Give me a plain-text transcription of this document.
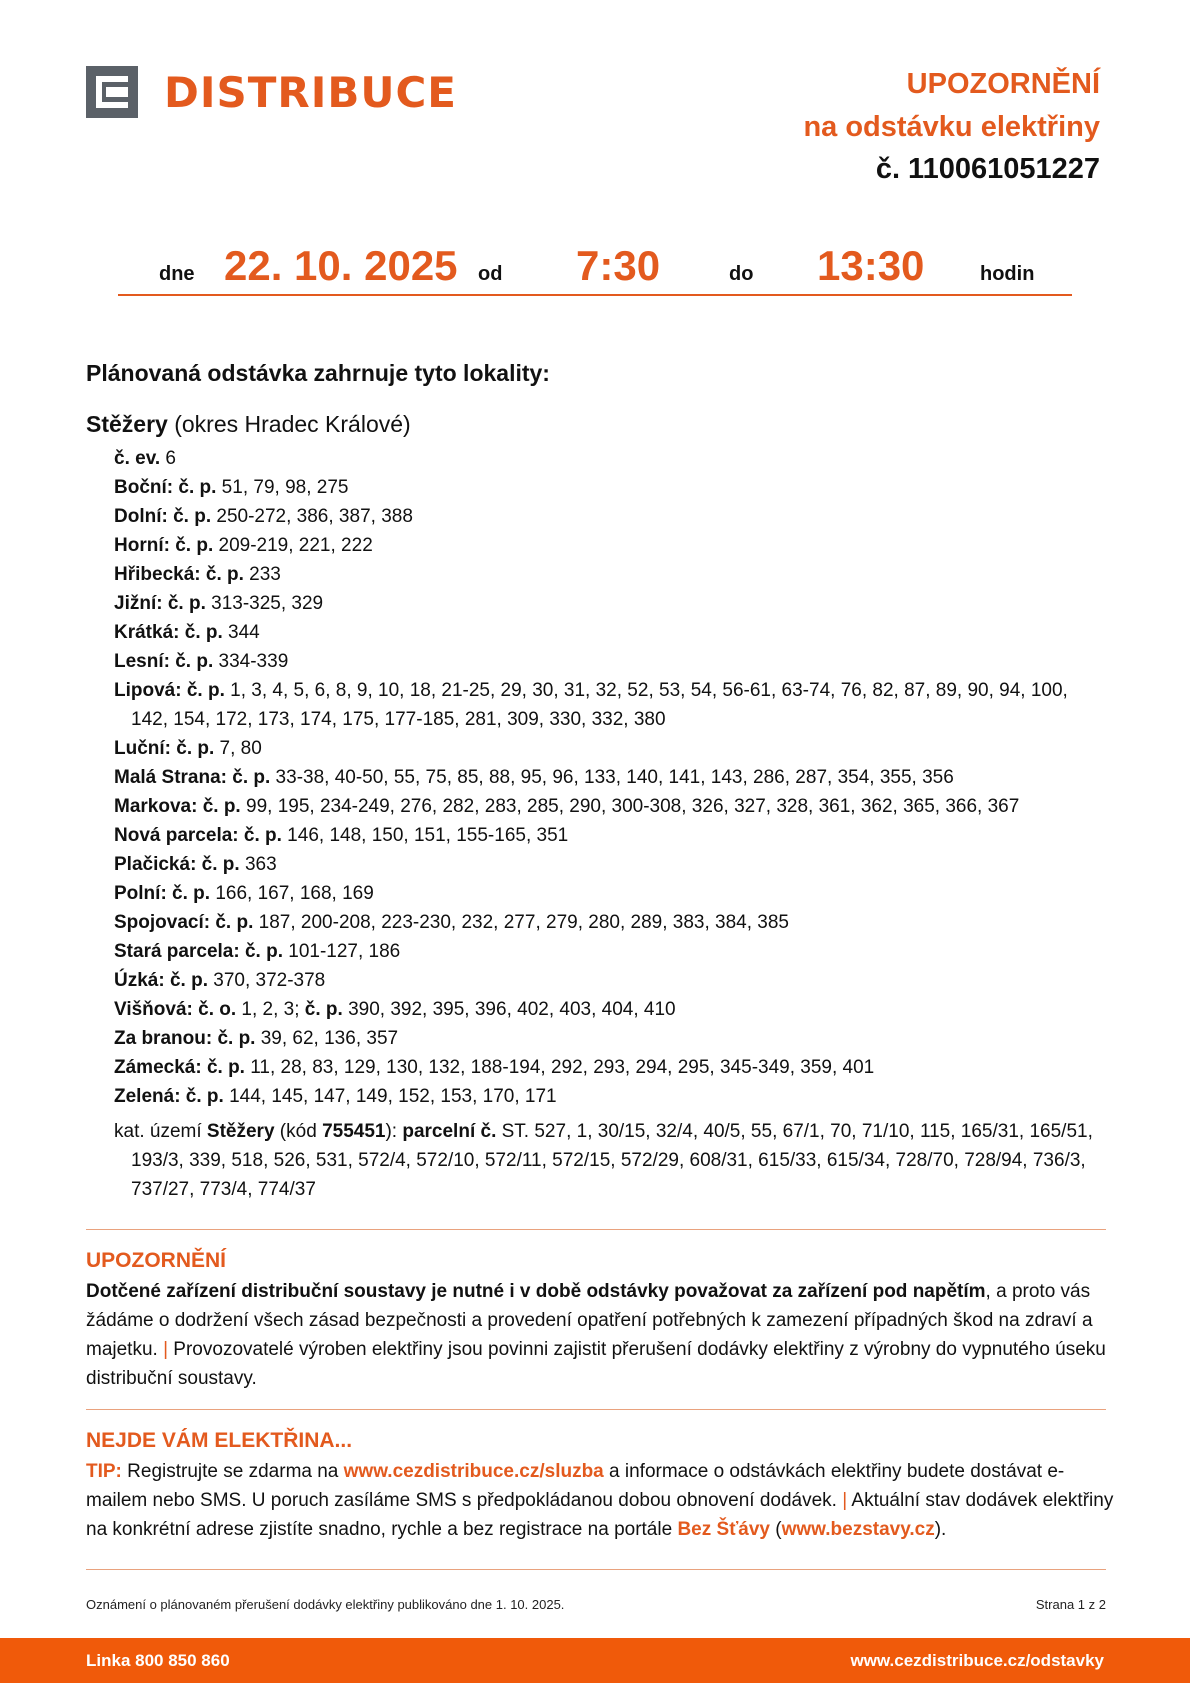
DISTRIBUCE	UPOZORNĚNÍ
na odstávku elektřiny
č. 110061051227
dne 22. 10. 2025 od 7:30	do 13:30	hodin
Plánovaná odstávka zahrnuje tyto lokality:
Stěžery (okres Hradec Králové)
č. ev. 6
Boční: č. p. 51, 79, 98, 275
Dolní: č. p. 250-272, 386, 387, 388
Horní: č. p. 209-219, 221, 222
Hřibecká: č. p. 233
Jižní: č. p. 313-325, 329
Krátká: č. p. 344
Lesní: č. p. 334-339
Lipová: č. p. 1, 3, 4, 5, 6, 8, 9, 10, 18, 21-25, 29, 30, 31, 32, 52, 53, 54, 56-61, 63-74, 76, 82, 87, 89, 90, 94, 100, 142, 154, 172, 173, 174, 175, 177-185, 281, 309, 330, 332, 380
Luční: č. p. 7, 80
Malá Strana: č. p. 33-38, 40-50, 55, 75, 85, 88, 95, 96, 133, 140, 141, 143, 286, 287, 354, 355, 356
Markova: č. p. 99, 195, 234-249, 276, 282, 283, 285, 290, 300-308, 326, 327, 328, 361, 362, 365, 366, 367
Nová parcela: č. p. 146, 148, 150, 151, 155-165, 351
Plačická: č. p. 363
Polní: č. p. 166, 167, 168, 169
Spojovací: č. p. 187, 200-208, 223-230, 232, 277, 279, 280, 289, 383, 384, 385
Stará parcela: č. p. 101-127, 186
Úzká: č. p. 370, 372-378
Višňová: č. o. 1, 2, 3; č. p. 390, 392, 395, 396, 402, 403, 404, 410
Za branou: č. p. 39, 62, 136, 357
Zámecká: č. p. 11, 28, 83, 129, 130, 132, 188-194, 292, 293, 294, 295, 345-349, 359, 401
Zelená: č. p. 144, 145, 147, 149, 152, 153, 170, 171
kat. území Stěžery (kód 755451): parcelní č. ST. 527, 1, 30/15, 32/4, 40/5, 55, 67/1, 70, 71/10, 115, 165/31, 165/51, 193/3, 339, 518, 526, 531, 572/4, 572/10, 572/11, 572/15, 572/29, 608/31, 615/33, 615/34, 728/70, 728/94, 736/3, 737/27, 773/4, 774/37
UPOZORNĚNÍ

Dotčené zařízení distribuční soustavy je nutné i v době odstávky považovat za zařízení pod napětím, a proto vás žádáme o dodržení všech zásad bezpečnosti a provedení opatření potřebných k zamezení případných škod na zdraví a majetku. | Provozovatelé výroben elektřiny jsou povinni zajistit přerušení dodávky elektřiny z výrobny do vypnutého úseku distribuční soustavy.

NEJDE VÁM ELEKTŘINA...

TIP: Registrujte se zdarma na www.cezdistribuce.cz/sluzba a informace o odstávkách elektřiny budete dostávat e-mailem nebo SMS. U poruch zasíláme SMS s předpokládanou dobou obnovení dodávek. | Aktuální stav dodávek elektřiny na konkrétní adrese zjistíte snadno, rychle a bez registrace na portále Bez Šťávy (www.bezstavy.cz).

Oznámení o plánovaném přerušení dodávky elektřiny publikováno dne 1. 10. 2025.	Strana 1 z 2
Linka 800 850 860	www.cezdistribuce.cz/odstavky
